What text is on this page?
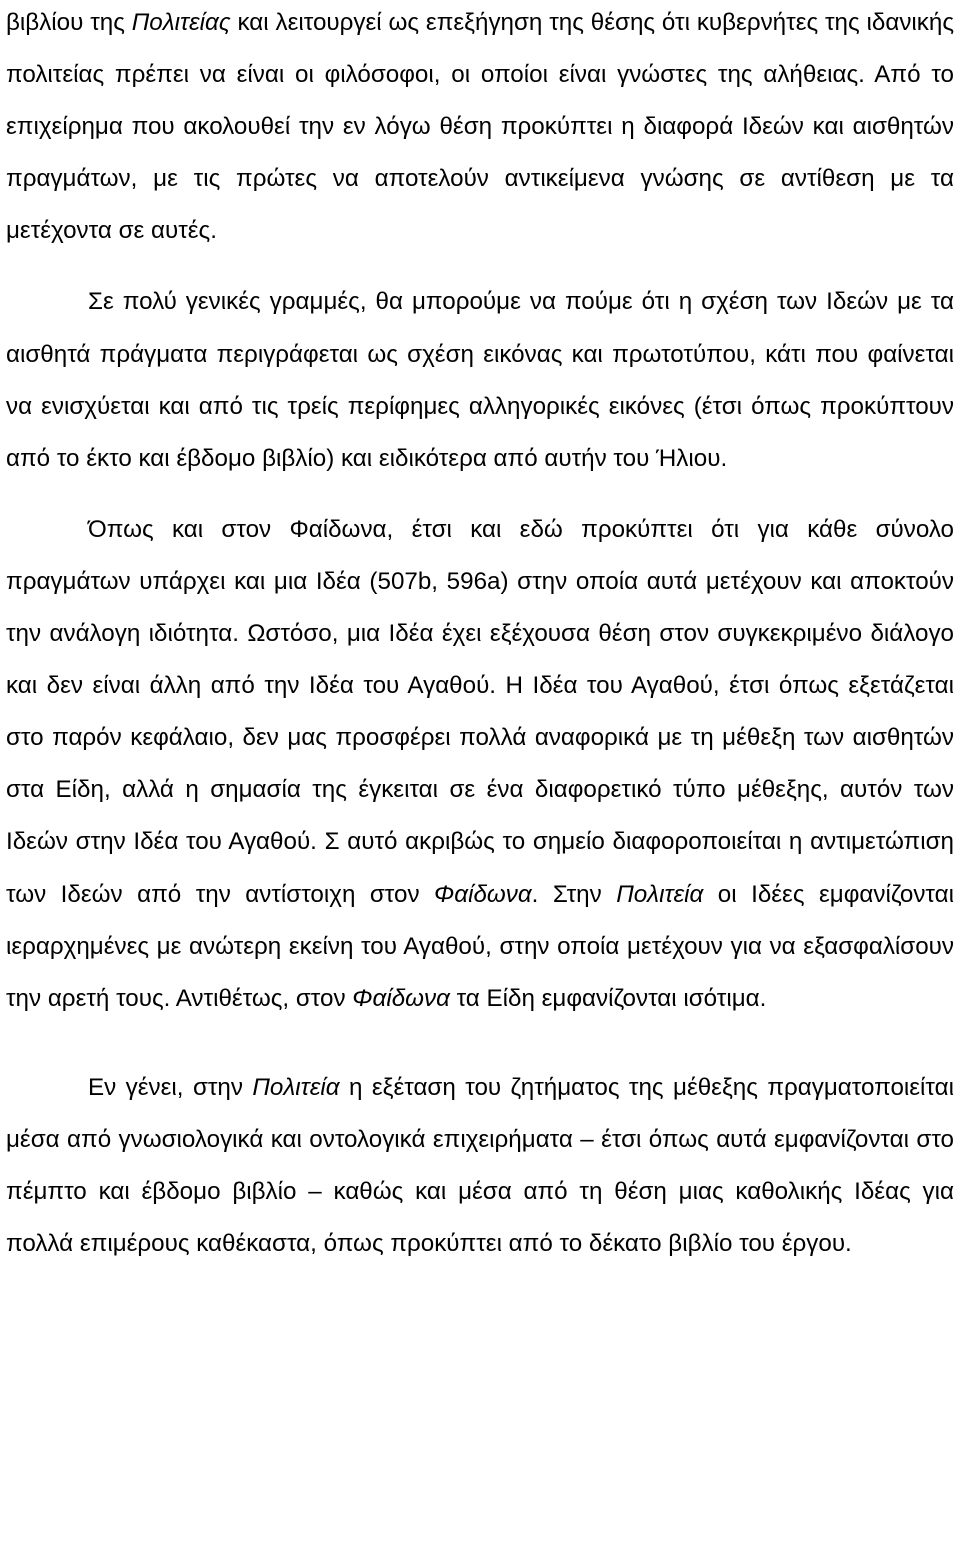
βιβλίου της Πολιτείας και λειτουργεί ως επεξήγηση της θέσης ότι κυβερνήτες της ιδανικής πολιτείας πρέπει να είναι οι φιλόσοφοι, οι οποίοι είναι γνώστες της αλήθειας. Από το επιχείρημα που ακολουθεί την εν λόγω θέση προκύπτει η διαφορά Ιδεών και αισθητών πραγμάτων, με τις πρώτες να αποτελούν αντικείμενα γνώσης σε αντίθεση με τα μετέχοντα σε αυτές.

Σε πολύ γενικές γραμμές, θα μπορούμε να πούμε ότι η σχέση των Ιδεών με τα αισθητά πράγματα περιγράφεται ως σχέση εικόνας και πρωτοτύπου, κάτι που φαίνεται να ενισχύεται και από τις τρείς περίφημες αλληγορικές εικόνες (έτσι όπως προκύπτουν από το έκτο και έβδομο βιβλίο) και ειδικότερα από αυτήν του Ήλιου.

Όπως και στον Φαίδωνα, έτσι και εδώ προκύπτει ότι για κάθε σύνολο πραγμάτων υπάρχει και μια Ιδέα (507b, 596a) στην οποία αυτά μετέχουν και αποκτούν την ανάλογη ιδιότητα. Ωστόσο, μια Ιδέα έχει εξέχουσα θέση στον συγκεκριμένο διάλογο και δεν είναι άλλη από την Ιδέα του Αγαθού. Η Ιδέα του Αγαθού, έτσι όπως εξετάζεται στο παρόν κεφάλαιο, δεν μας προσφέρει πολλά αναφορικά με τη μέθεξη των αισθητών στα Είδη, αλλά η σημασία της έγκειται σε ένα διαφορετικό τύπο μέθεξης, αυτόν των Ιδεών στην Ιδέα του Αγαθού. Σ αυτό ακριβώς το σημείο διαφοροποιείται η αντιμετώπιση των Ιδεών από την αντίστοιχη στον Φαίδωνα. Στην Πολιτεία οι Ιδέες εμφανίζονται ιεραρχημένες με ανώτερη εκείνη του Αγαθού, στην οποία μετέχουν για να εξασφαλίσουν την αρετή τους. Αντιθέτως, στον Φαίδωνα τα Είδη εμφανίζονται ισότιμα.

Εν γένει, στην Πολιτεία η εξέταση του ζητήματος της μέθεξης πραγματοποιείται μέσα από γνωσιολογικά και οντολογικά επιχειρήματα – έτσι όπως αυτά εμφανίζονται στο πέμπτο και έβδομο βιβλίο – καθώς και μέσα από τη θέση μιας καθολικής Ιδέας για πολλά επιμέρους καθέκαστα, όπως προκύπτει από το δέκατο βιβλίο του έργου.
